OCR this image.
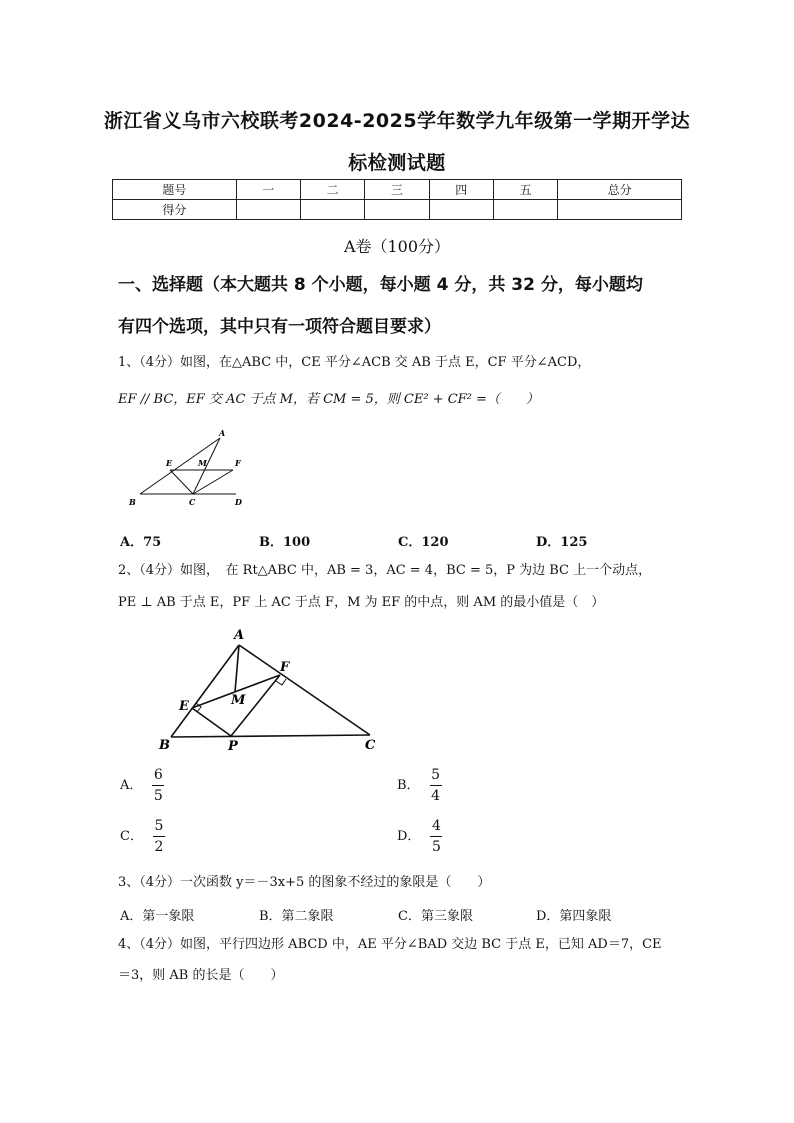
浙江省义乌市六校联考2024-2025学年数学九年级第一学期开学达
标检测试题
题号	一	二	三	四	五	总分
得分						
A卷（100分）
一、选择题（本大题共 8 个小题，每小题 4 分，共 32 分，每小题均
有四个选项，其中只有一项符合题目要求）
1、（4分）如图，在△ABC 中，CE 平分∠ACB 交 AB 于点 E，CF 平分∠ACD，
EF // BC，EF 交 AC 于点 M，若 CM = 5，则 CE² + CF² =（　　）
A
E	M	F
B	C	D
A．75	B．100	C．120	D．125
2、（4分）如图，　在 Rt△ABC 中，AB = 3，AC = 4，BC = 5，P 为边 BC 上一个动点，
PE ⊥ AB 于点 E，PF 上 AC 于点 F，M 为 EF 的中点，则 AM 的最小值是（　）
A
F
M
E
B	P	C
A． $\frac{6}{5}$	B． $\frac{5}{4}$
C． $\frac{5}{2}$	D． $\frac{4}{5}$
3、（4分）一次函数 y＝－3x+5 的图象不经过的象限是（　　）
A．第一象限	B．第二象限	C．第三象限	D．第四象限
4、（4分）如图，平行四边形 ABCD 中，AE 平分∠BAD 交边 BC 于点 E，已知 AD＝7，CE
＝3，则 AB 的长是（　　）
